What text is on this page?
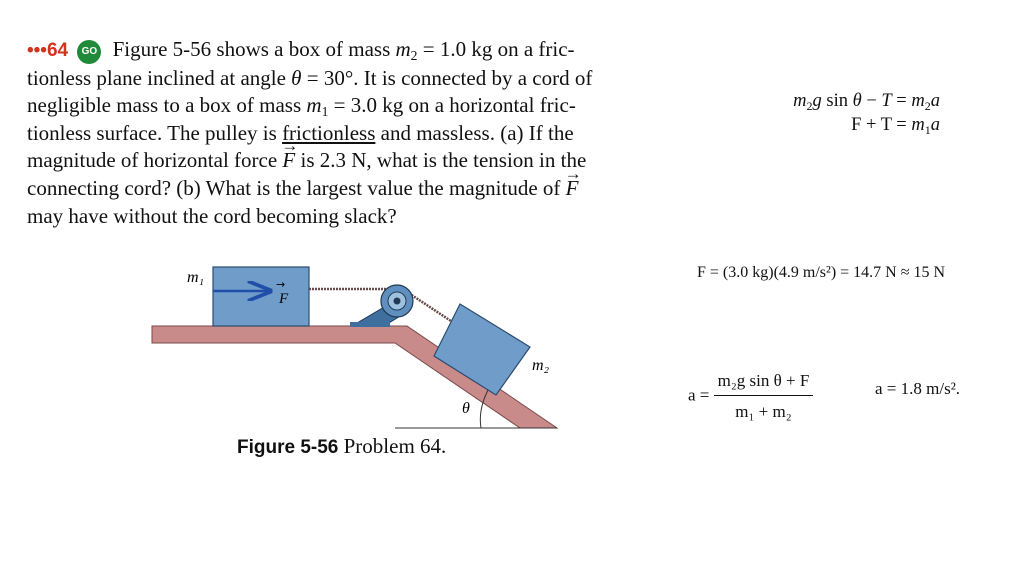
•••64 GO Figure 5-56 shows a box of mass $m_2 = 1.0$ kg on a fric-
tionless plane inclined at angle θ = 30°. It is connected by a cord of
negligible mass to a box of mass $m_1 = 3.0$ kg on a horizontal fric-
tionless surface. The pulley is frictionless and massless. (a) If the
magnitude of horizontal force → F is 2.3 N, what is the tension in the
connecting cord? (b) What is the largest value the magnitude of → F
may have without the cord becoming slack?
$m_2g$ $\sin \theta - T = m_2a$
$F + T = m_1a$
F = (3.0 kg)(4.9 m/s²) = 14.7 N ≈ 15 N
$a = \frac{\text{m₂g sin θ + F}}{\text{m₁ + m₂}}$	a = 1.8 m/s².
m₁
F
→
m₂
θ
Figure 5-56 Problem 64.
